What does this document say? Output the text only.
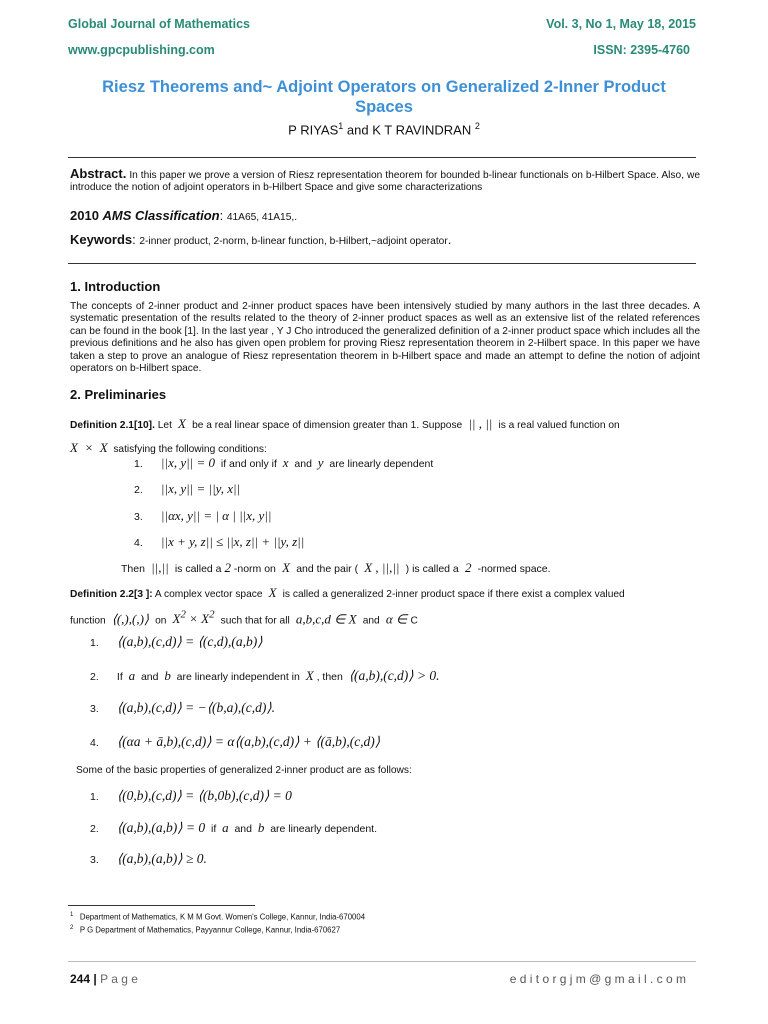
Global Journal of Mathematics	Vol. 3, No 1, May 18, 2015
www.gpcpublishing.com	ISSN: 2395-4760
Riesz Theorems and~ Adjoint Operators on Generalized 2-Inner Product
Spaces
P RIYAS$^1$ and K T RAVINDRAN $^2$
Abstract. In this paper we prove a version of Riesz representation theorem for bounded b-linear functionals on b-Hilbert Space. Also, we introduce the notion of adjoint operators in b-Hilbert Space and give some characterizations
2010 AMS Classification: 41A65, 41A15,.
Keywords: 2-inner product, 2-norm, b-linear function, b-Hilbert,~adjoint operator.
1. Introduction
The concepts of 2-inner product and 2-inner product spaces have been intensively studied by many authors in the last three decades. A systematic presentation of the results related to the theory of 2-inner product spaces as well as an extensive list of the related references can be found in the book [1]. In the last year , Y J Cho introduced the generalized definition of a 2-inner product space which includes all the previous definitions and he also has given open problem for proving Riesz representation theorem in 2-Hilbert space. In this paper we have taken a step to prove an analogue of Riesz representation theorem in b-Hilbert space and made an attempt to define the notion of adjoint operators on b-Hilbert space.
2. Preliminaries
Definition 2.1[10]. Let  X  be a real linear space of dimension greater than 1. Suppose  || , ||  is a real valued function on
X  ×  X satisfying the following conditions:
1. ||x, y|| = 0 if and only if x and y are linearly dependent
2. ||x, y|| = ||y, x||
3. ||αx, y|| = | α | ||x, y||
4. ||x + y, z|| ≤ ||x, z|| + ||y, z||
Then  ||,||  is called a 2 -norm on  X  and the pair (  X , ||,||  ) is called a  2  -normed space.
Definition 2.2[3 ]: A complex vector space  X  is called a generalized 2-inner product space if there exist a complex valued
function  ⟨(,),(,)⟩  on  $X^2 \times X^2$ such that for all  a,b,c,d ∈ X  and  α ∈ C
1. ⟨(a,b),(c,d)⟩ = ⟨(c,d),(a,b)⟩
2. If a and b are linearly independent in X , then ⟨(a,b),(c,d)⟩ > 0.
3. ⟨(a,b),(c,d)⟩ = −⟨(b,a),(c,d)⟩.
4. ⟨(αa + ā,b),(c,d)⟩ = α⟨(a,b),(c,d)⟩ + ⟨(ā,b),(c,d)⟩
Some of the basic properties of generalized 2-inner product are as follows:
1. ⟨(0,b),(c,d)⟩ = ⟨(b,0b),(c,d)⟩ = 0
2. ⟨(a,b),(a,b)⟩ = 0 if a and b are linearly dependent.
3. ⟨(a,b),(a,b)⟩ ≥ 0.
$^1$ Department of Mathematics, K M M Govt. Women's College, Kannur, India-670004
$^2$ P G Department of Mathematics, Payyannur College, Kannur, India-670627
244 | P a g e	e d i t o r g j m @ g m a i l . c o m
